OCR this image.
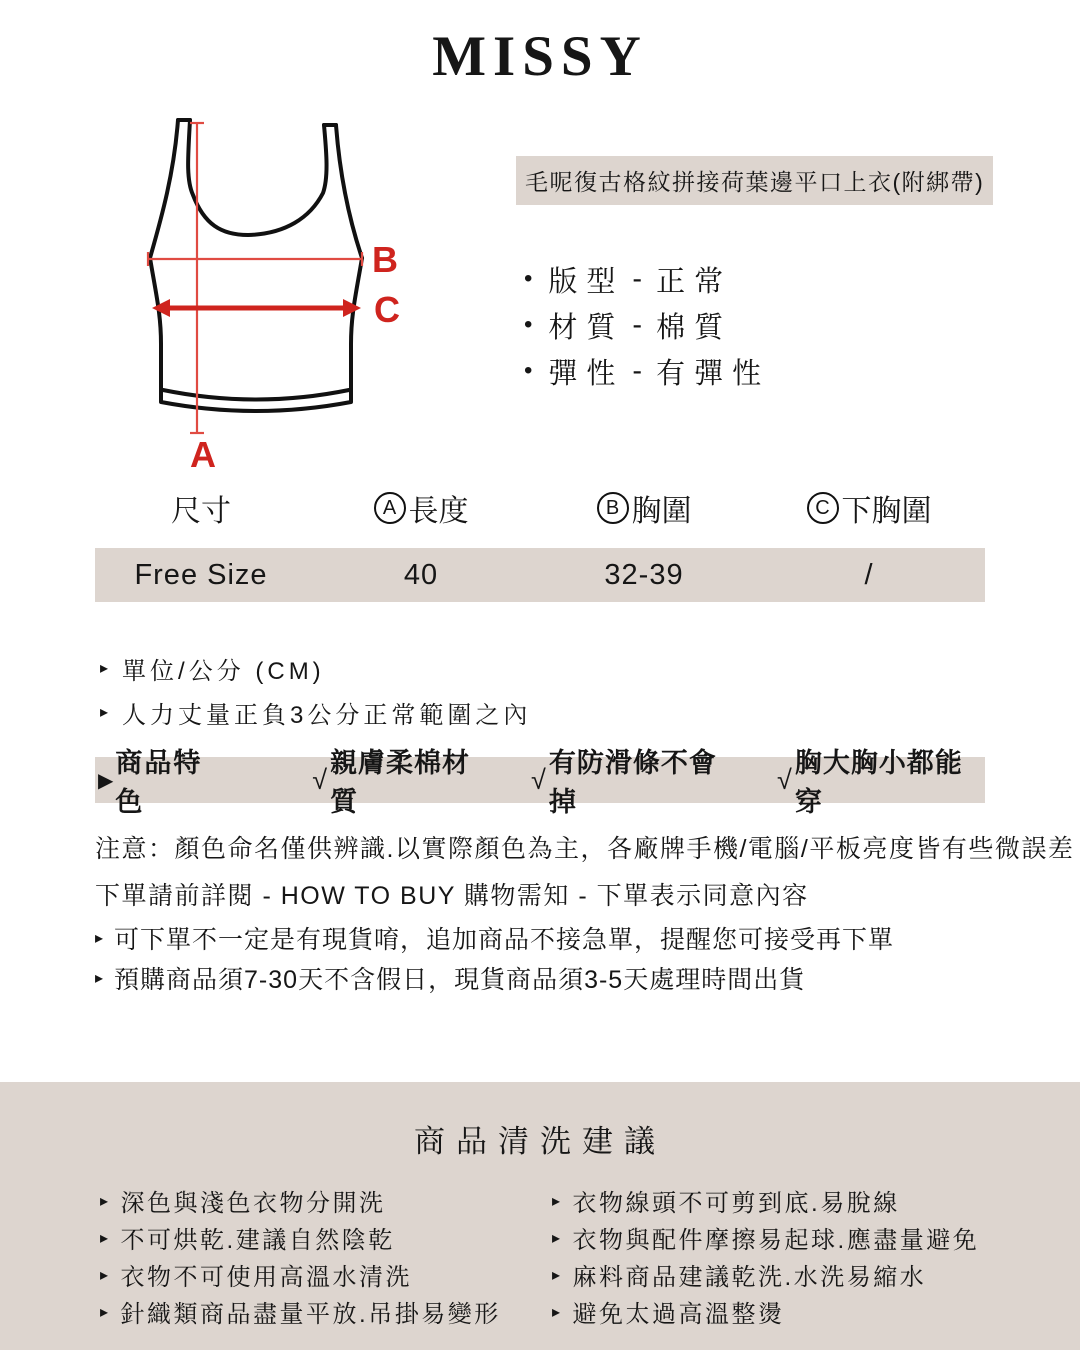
MISSY
B
C
A
毛呢復古格紋拼接荷葉邊平口上衣(附綁帶)
• 版型 - 正常
• 材質 - 棉質
• 彈性 - 有彈性
尺寸	A 長度	B 胸圍	C 下胸圍
Free Size	40	32-39	/
▸ 單位/公分 (CM)
▸ 人力丈量正負3公分正常範圍之內
▶
商品特色
√
親膚柔棉材質
√
有防滑條不會掉
√
胸大胸小都能穿
注意：顏色命名僅供辨識.以實際顏色為主，各廠牌手機/電腦/平板亮度皆有些微誤差
下單請前詳閱 - HOW TO BUY 購物需知 - 下單表示同意內容
▸ 可下單不一定是有現貨唷，追加商品不接急單，提醒您可接受再下單
▸ 預購商品須7-30天不含假日，現貨商品須3-5天處理時間出貨
商品清洗建議
▸ 深色與淺色衣物分開洗
▸ 不可烘乾.建議自然陰乾
▸ 衣物不可使用高溫水清洗
▸ 針織類商品盡量平放.吊掛易變形
▸ 衣物線頭不可剪到底.易脫線
▸ 衣物與配件摩擦易起球.應盡量避免
▸ 麻料商品建議乾洗.水洗易縮水
▸ 避免太過高溫整燙
